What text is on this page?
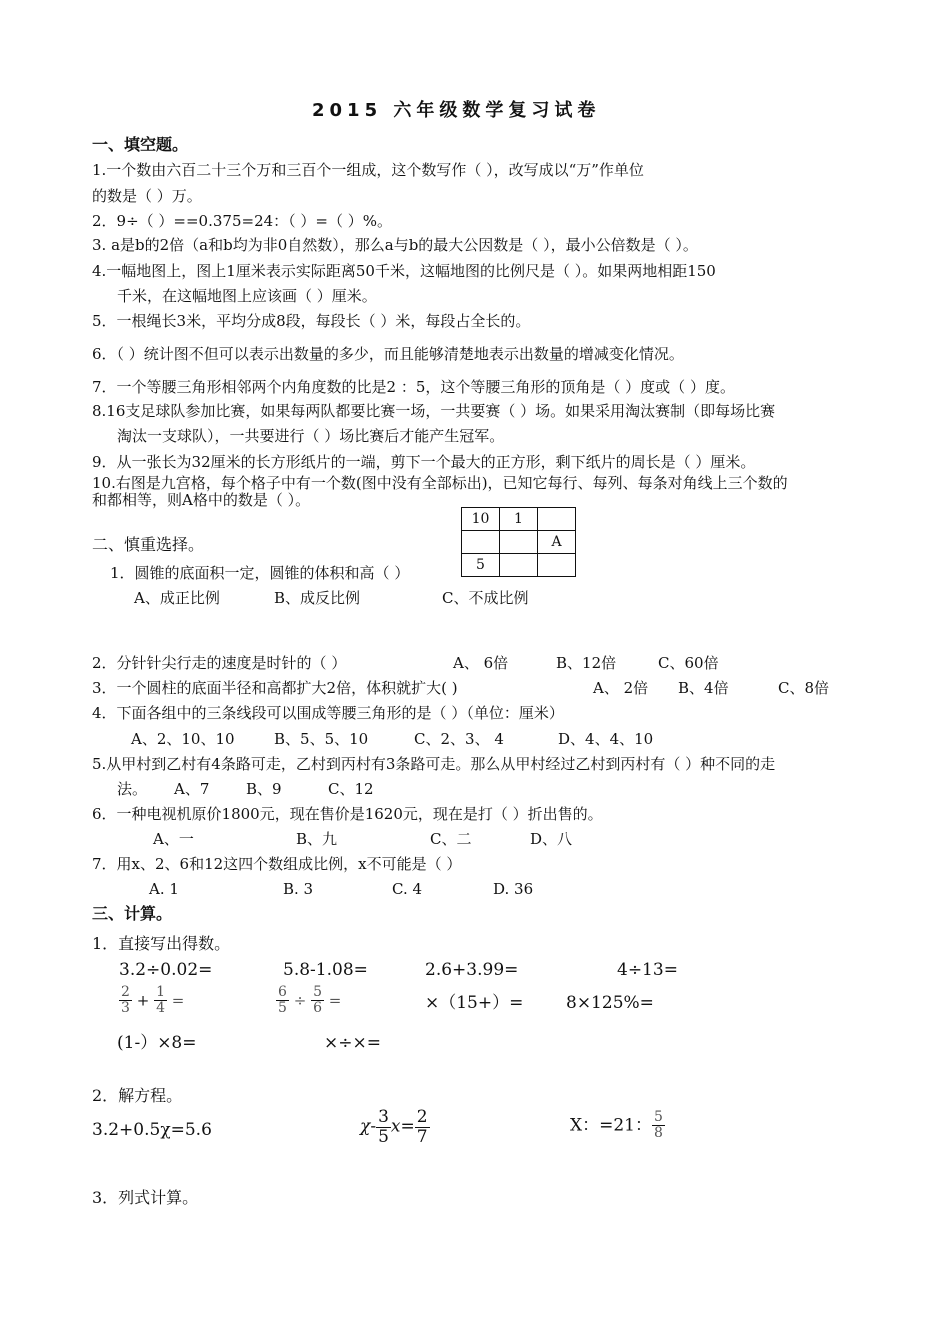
2015 六年级数学复习试卷
一、填空题。
1.一个数由六百二十三个万和三百个一组成，这个数写作（ ），改写成以“万”作单位
的数是（ ）万。
2．9÷（ ）==0.375=24：（ ）=（ ）%。
3. a是b的2倍（a和b均为非0自然数），那么a与b的最大公因数是（ ），最小公倍数是（ ）。
4.一幅地图上，图上1厘米表示实际距离50千米，这幅地图的比例尺是（ ）。如果两地相距150
千米，在这幅地图上应该画（ ）厘米。
5．一根绳长3米，平均分成8段，每段长（ ）米，每段占全长的。
6．（ ）统计图不但可以表示出数量的多少，而且能够清楚地表示出数量的增减变化情况。
7．一个等腰三角形相邻两个内角度数的比是2 ：5，这个等腰三角形的顶角是（ ）度或（ ）度。
8.16支足球队参加比赛，如果每两队都要比赛一场，一共要赛（ ）场。如果采用淘汰赛制（即每场比赛
淘汰一支球队），一共要进行（ ）场比赛后才能产生冠军。
9．从一张长为32厘米的长方形纸片的一端，剪下一个最大的正方形，剩下纸片的周长是（ ）厘米。
10.右图是九宫格，每个格子中有一个数(图中没有全部标出)，已知它每行、每列、每条对角线上三个数的
和都相等，则A格中的数是（ ）。
10	1	
		A
5		
二、慎重选择。
1．圆锥的底面积一定，圆锥的体积和高（ ）
A、成正比例	B、成反比例	C、不成比例
2．分针针尖行走的速度是时针的（ ）	A、 6倍	B、12倍	C、60倍
3．一个圆柱的底面半径和高都扩大2倍，体积就扩大( )	A、 2倍 B、4倍	C、8倍
4．下面各组中的三条线段可以围成等腰三角形的是（ ）（单位：厘米）
A、2、10、10	B、5、5、10	C、2、3、 4	D、4、4、10
5.从甲村到乙村有4条路可走，乙村到丙村有3条路可走。那么从甲村经过乙村到丙村有（ ）种不同的走
法。 A、7 B、9	C、12
6．一种电视机原价1800元，现在售价是1620元，现在是打（ ）折出售的。
A、一	B、九	C、二	D、八
7．用x、2、6和12这四个数组成比例，x不可能是（ ）
A. 1	B. 3	C. 4	D. 36
三、计算。
1．直接写出得数。
3.2÷0.02=	5.8-1.08=	2.6+3.99=	4÷13=
$\frac{2}{3} + \frac{1}{4}$ =	$\frac{6}{5} \div \frac{5}{6}$ =	×（15+）=	8×125%=
(1-）×8=	×÷×=
2．解方程。
3.2+0.5χ=5.6	$\chi- \frac{3}{5} x= \frac{2}{7}$	X：=21： $\frac{5}{8}$
3．列式计算。
